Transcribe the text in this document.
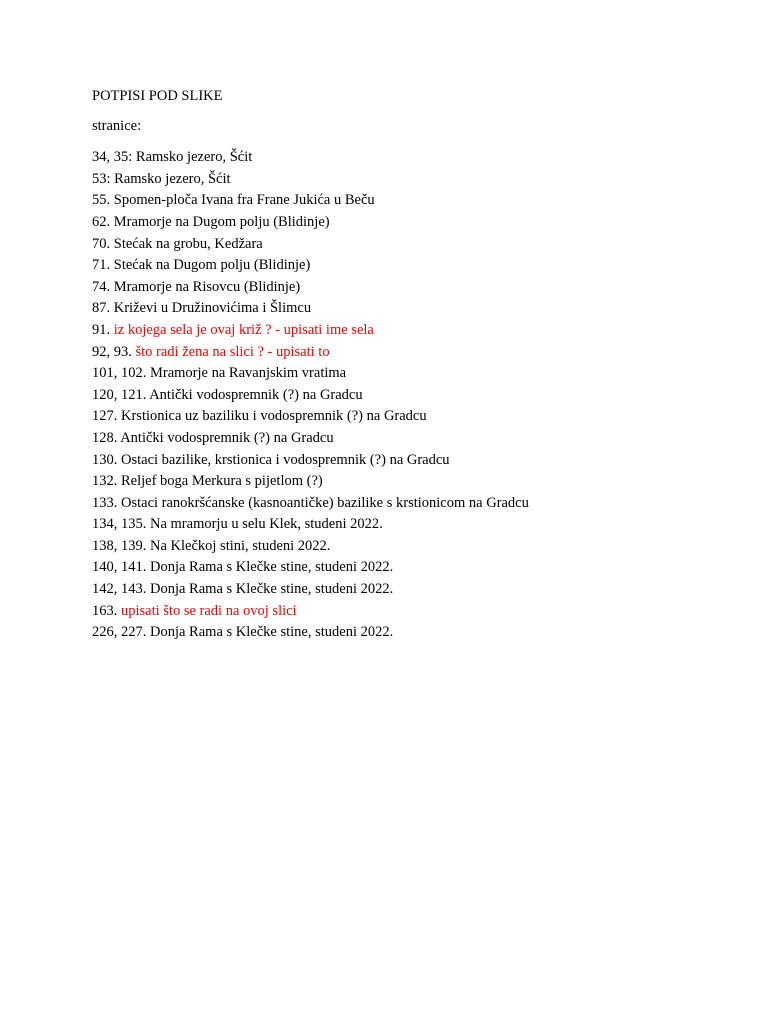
POTPISI POD SLIKE

stranice:

34, 35: Ramsko jezero, Šćit
53: Ramsko jezero, Šćit
55. Spomen-ploča Ivana fra Frane Jukića u Beču
62. Mramorje na Dugom polju (Blidinje)
70. Stećak na grobu, Kedžara
71. Stećak na Dugom polju (Blidinje)
74. Mramorje na Risovcu (Blidinje)
87. Križevi u Družinovićima i Šlimcu
91. iz kojega sela je ovaj križ ? - upisati ime sela
92, 93. što radi žena na slici ? - upisati to
101, 102. Mramorje na Ravanjskim vratima
120, 121. Antički vodospremnik (?) na Gradcu
127. Krstionica uz baziliku i vodospremnik (?) na Gradcu
128. Antički vodospremnik (?) na Gradcu
130. Ostaci bazilike, krstionica i vodospremnik (?) na Gradcu
132. Reljef boga Merkura s pijetlom (?)
133. Ostaci ranokršćanske (kasnoantičke) bazilike s krstionicom na Gradcu
134, 135. Na mramorju u selu Klek, studeni 2022.
138, 139. Na Klečkoj stini, studeni 2022.
140, 141. Donja Rama s Klečke stine, studeni 2022.
142, 143. Donja Rama s Klečke stine, studeni 2022.
163. upisati što se radi na ovoj slici
226, 227. Donja Rama s Klečke stine, studeni 2022.
